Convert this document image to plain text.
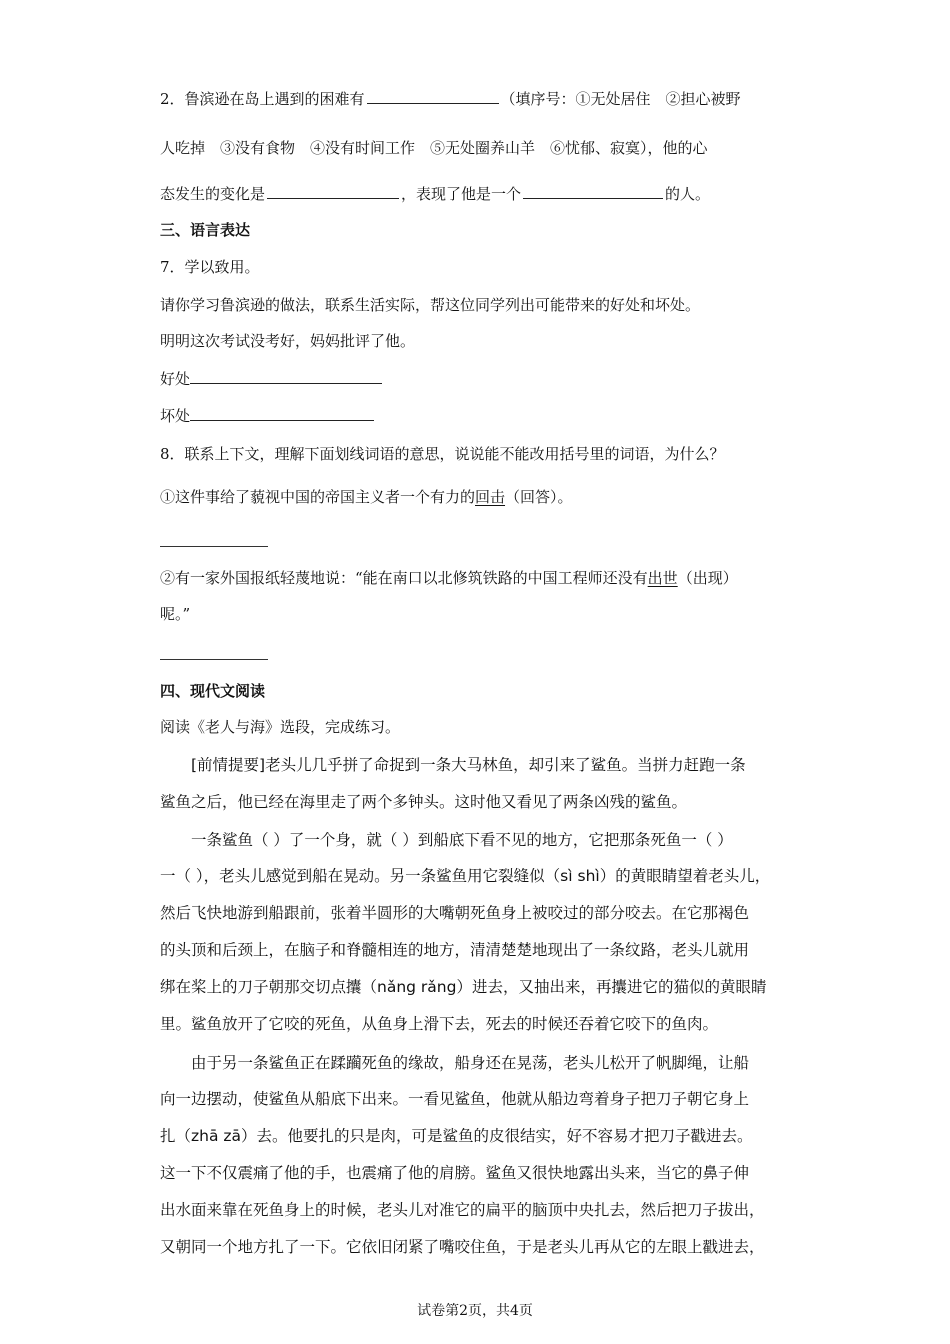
2．鲁滨逊在岛上遇到的困难有	（填序号：①无处居住　②担心被野
人吃掉　③没有食物　④没有时间工作　⑤无处圈养山羊　⑥忧郁、寂寞），他的心
态发生的变化是	，表现了他是一个	的人。
三、语言表达
7．学以致用。
请你学习鲁滨逊的做法，联系生活实际，帮这位同学列出可能带来的好处和坏处。
明明这次考试没考好，妈妈批评了他。
好处
坏处
8．联系上下文，理解下面划线词语的意思，说说能不能改用括号里的词语，为什么？
①这件事给了藐视中国的帝国主义者一个有力的回击（回答）。
②有一家外国报纸轻蔑地说：“能在南口以北修筑铁路的中国工程师还没有出世（出现）
呢。”
四、现代文阅读
阅读《老人与海》选段，完成练习。
[前情提要]老头儿几乎拼了命捉到一条大马林鱼，却引来了鲨鱼。当拼力赶跑一条
鲨鱼之后，他已经在海里走了两个多钟头。这时他又看见了两条凶残的鲨鱼。
一条鲨鱼（ ）了一个身，就（ ）到船底下看不见的地方，它把那条死鱼一（ ）
一（ ），老头儿感觉到船在晃动。另一条鲨鱼用它裂缝似（sì shì）的黄眼睛望着老头儿，
然后飞快地游到船跟前，张着半圆形的大嘴朝死鱼身上被咬过的部分咬去。在它那褐色
的头顶和后颈上，在脑子和脊髓相连的地方，清清楚楚地现出了一条纹路，老头儿就用
绑在桨上的刀子朝那交切点攮（nǎng rǎng）进去，又抽出来，再攮进它的猫似的黄眼睛
里。鲨鱼放开了它咬的死鱼，从鱼身上滑下去，死去的时候还吞着它咬下的鱼肉。
由于另一条鲨鱼正在蹂躏死鱼的缘故，船身还在晃荡，老头儿松开了帆脚绳，让船
向一边摆动，使鲨鱼从船底下出来。一看见鲨鱼，他就从船边弯着身子把刀子朝它身上
扎（zhā zā）去。他要扎的只是肉，可是鲨鱼的皮很结实，好不容易才把刀子戳进去。
这一下不仅震痛了他的手，也震痛了他的肩膀。鲨鱼又很快地露出头来，当它的鼻子伸
出水面来靠在死鱼身上的时候，老头儿对准它的扁平的脑顶中央扎去，然后把刀子拔出，
又朝同一个地方扎了一下。它依旧闭紧了嘴咬住鱼，于是老头儿再从它的左眼上戳进去，
试卷第2页，共4页
